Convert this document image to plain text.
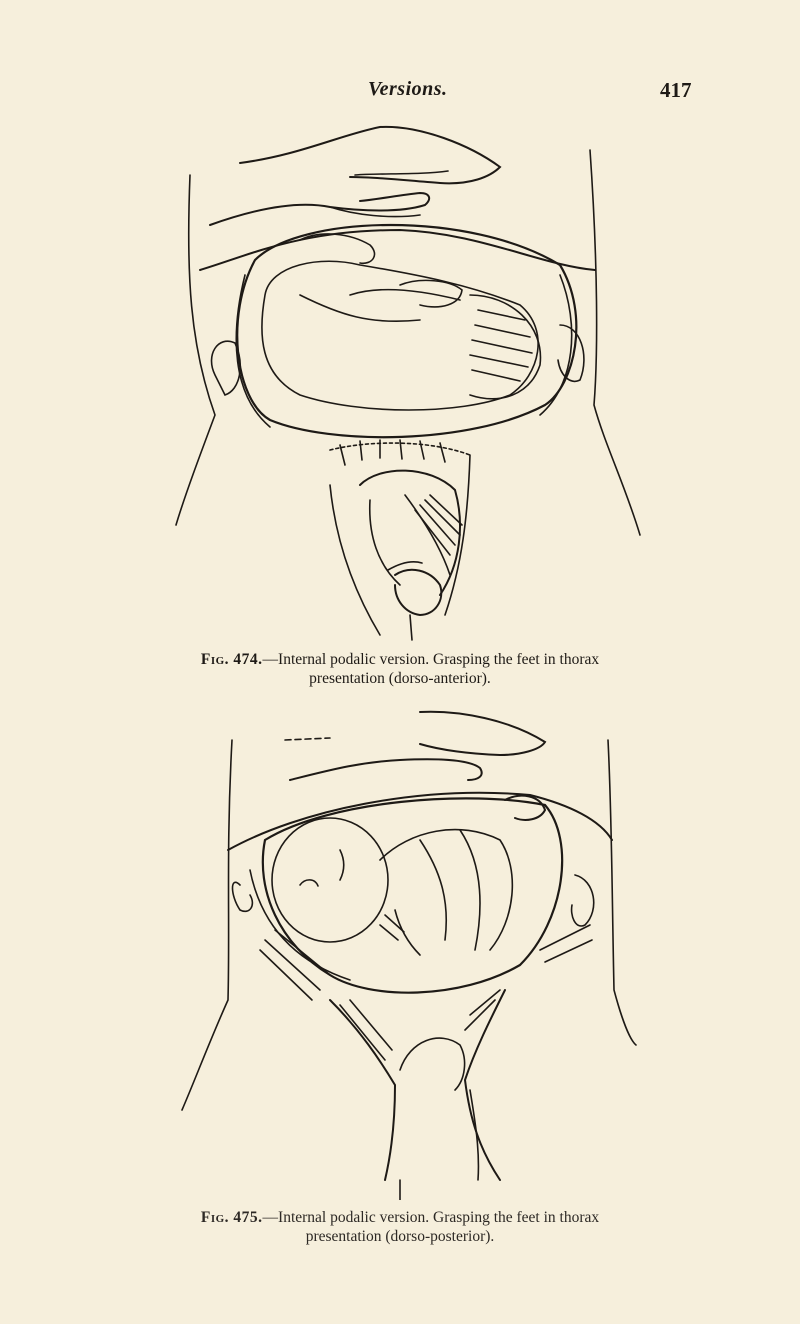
Versions.	417
Fig. 474.—Internal podalic version. Grasping the feet in thorax
presentation (dorso-anterior).
Fig. 475.—Internal podalic version. Grasping the feet in thorax
presentation (dorso-posterior).
